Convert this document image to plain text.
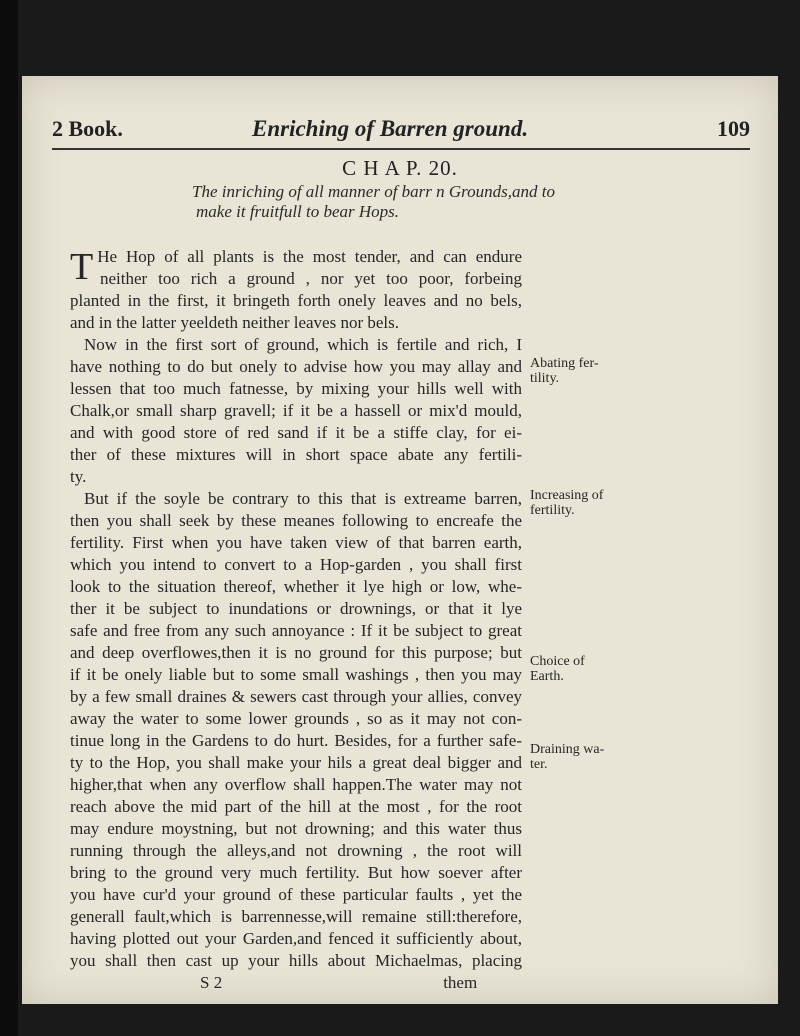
2 Book.	Enriching of Barren ground.	109
C H A P. 20.
The inriching of all manner of barr n Grounds,and to
make it fruitfull to bear Hops.
T He Hop of all plants is the most tender, and can endure
neither too rich a ground , nor yet too poor, forbeing
planted in the first, it bringeth forth onely leaves and no bels,
and in the latter yeeldeth neither leaves nor bels.
Now in the first sort of ground, which is fertile and rich, I
have nothing to do but onely to advise how you may allay and
lessen that too much fatnesse, by mixing your hills well with
Chalk,or small sharp gravell; if it be a hassell or mix'd mould,
and with good store of red sand if it be a stiffe clay, for ei-
ther of these mixtures will in short space abate any fertili-
ty.
But if the soyle be contrary to this that is extreame barren,
then you shall seek by these meanes following to encreafe the
fertility. First when you have taken view of that barren earth,
which you intend to convert to a Hop-garden , you shall first
look to the situation thereof, whether it lye high or low, whe-
ther it be subject to inundations or drownings, or that it lye
safe and free from any such annoyance : If it be subject to great
and deep overflowes,then it is no ground for this purpose; but
if it be onely liable but to some small washings , then you may
by a few small draines & sewers cast through your allies, convey
away the water to some lower grounds , so as it may not con-
tinue long in the Gardens to do hurt. Besides, for a further safe-
ty to the Hop, you shall make your hils a great deal bigger and
higher,that when any overflow shall happen.The water may not
reach above the mid part of the hill at the most , for the root
may endure moystning, but not drowning; and this water thus
running through the alleys,and not drowning , the root will
bring to the ground very much fertility. But how soever after
you have cur'd your ground of these particular faults , yet the
generall fault,which is barrennesse,will remaine still:therefore,
having plotted out your Garden,and fenced it sufficiently about,
you shall then cast up your hills about Michaelmas, placing
S 2                                                    them
Abating fer-
tility.
Increasing of
fertility.
Choice of
Earth.
Draining wa-
ter.
